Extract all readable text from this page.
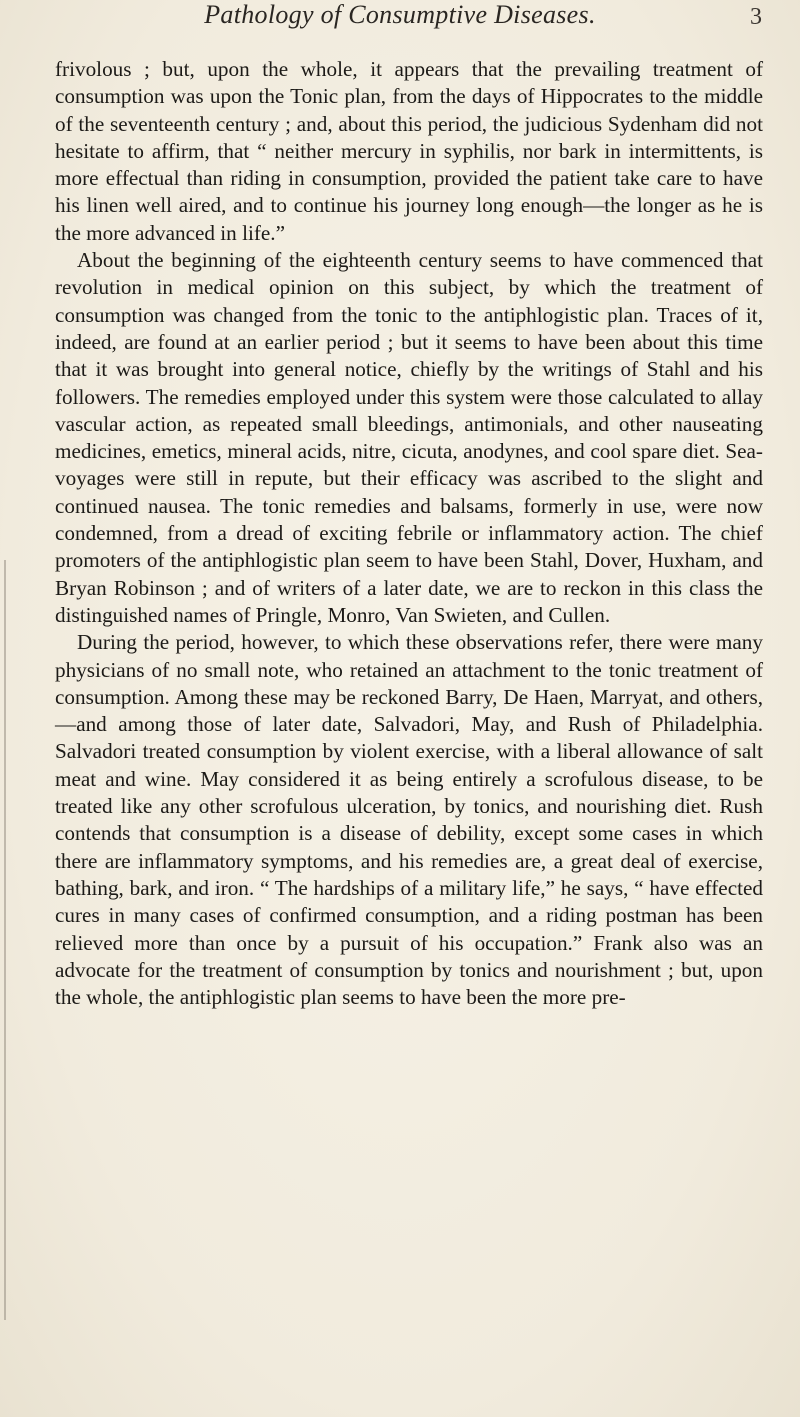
Pathology of Consumptive Diseases.	3

frivolous ; but, upon the whole, it appears that the prevailing treatment of consumption was upon the Tonic plan, from the days of Hippocrates to the middle of the seventeenth century ; and, about this period, the judicious Sydenham did not hesitate to affirm, that “ neither mercury in syphilis, nor bark in intermittents, is more effectual than riding in consumption, provided the patient take care to have his linen well aired, and to continue his journey long enough—the longer as he is the more advanced in life.”

About the beginning of the eighteenth century seems to have commenced that revolution in medical opinion on this subject, by which the treatment of consumption was changed from the tonic to the antiphlogistic plan. Traces of it, indeed, are found at an earlier period ; but it seems to have been about this time that it was brought into general notice, chiefly by the writings of Stahl and his followers. The remedies employed under this system were those calculated to allay vascular action, as repeated small bleedings, antimonials, and other nauseating medicines, emetics, mineral acids, nitre, cicuta, anodynes, and cool spare diet. Sea-voyages were still in repute, but their efficacy was ascribed to the slight and continued nausea. The tonic remedies and balsams, formerly in use, were now condemned, from a dread of exciting febrile or inflammatory action. The chief promoters of the antiphlogistic plan seem to have been Stahl, Dover, Huxham, and Bryan Robinson ; and of writers of a later date, we are to reckon in this class the distinguished names of Pringle, Monro, Van Swieten, and Cullen.

During the period, however, to which these observations refer, there were many physicians of no small note, who retained an attachment to the tonic treatment of consumption. Among these may be reckoned Barry, De Haen, Marryat, and others, —and among those of later date, Salvadori, May, and Rush of Philadelphia. Salvadori treated consumption by violent exercise, with a liberal allowance of salt meat and wine. May considered it as being entirely a scrofulous disease, to be treated like any other scrofulous ulceration, by tonics, and nourishing diet. Rush contends that consumption is a disease of debility, except some cases in which there are inflammatory symptoms, and his remedies are, a great deal of exercise, bathing, bark, and iron. “ The hardships of a military life,” he says, “ have effected cures in many cases of confirmed consumption, and a riding postman has been relieved more than once by a pursuit of his occupation.” Frank also was an advocate for the treatment of consumption by tonics and nourishment ; but, upon the whole, the antiphlogistic plan seems to have been the more pre-
